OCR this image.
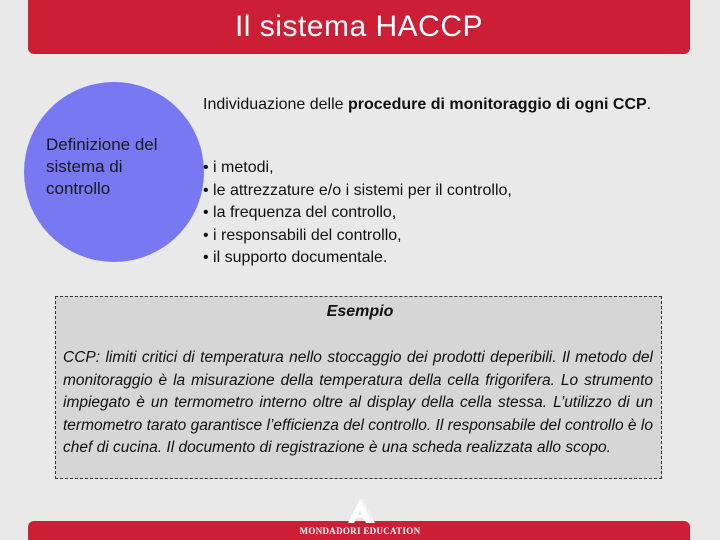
Il sistema HACCP
Definizione del sistema di controllo
Individuazione delle procedure di monitoraggio di ogni CCP.
• i metodi,
• le attrezzature e/o i sistemi per il controllo,
• la frequenza del controllo,
• i responsabili del controllo,
• il supporto documentale.
Esempio
CCP: limiti critici di temperatura nello stoccaggio dei prodotti deperibili. Il metodo del monitoraggio è la misurazione della temperatura della cella frigorifera. Lo strumento impiegato è un termometro interno oltre al display della cella stessa. L’utilizzo di un termometro tarato garantisce l’efficienza del controllo. Il responsabile del controllo è lo chef di cucina. Il documento di registrazione è una scheda realizzata allo scopo.
MONDADORI EDUCATION
